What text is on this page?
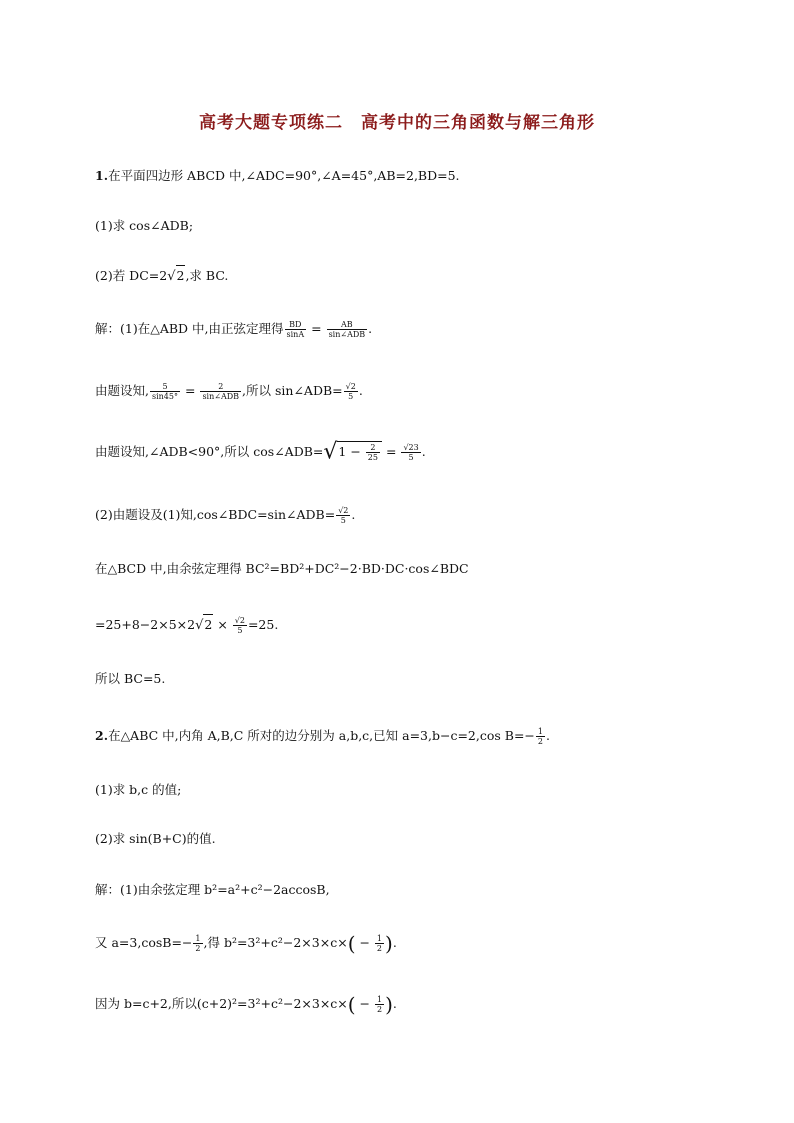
高考大题专项练二　高考中的三角函数与解三角形
1.在平面四边形 ABCD 中,∠ADC=90°,∠A=45°,AB=2,BD=5.
(1)求 cos∠ADB;
(2)若 DC=2√2,求 BC.
解：(1)在△ABD 中,由正弦定理得 $\frac{BD}{\sin A} = \frac{AB}{\text{sin∠ADB}}$ .
由题设知, $\frac{5}{\sin 45^\circ} = \frac{2}{\text{sin∠ADB}}$ ,所以 sin∠ADB= $\frac{√2}{5}$ .
由题设知,∠ADB<90°,所以 cos∠ADB=√1 − $\frac{2}{25} = \frac{√23}{5}$ .
(2)由题设及(1)知,cos∠BDC=sin∠ADB= $\frac{√2}{5}$ .
在△BCD 中,由余弦定理得 BC²=BD²+DC²−2·BD·DC·cos∠BDC
$=25+8-2\times 5\times 2√2 \times \frac{√2}{5} =25$.
所以 BC=5.
2.在△ABC 中,内角 A,B,C 所对的边分别为 a,b,c,已知 a=3,b−c=2,cos $B=- \frac{1}{2}$ .
(1)求 b,c 的值;
(2)求 sin(B+C)的值.
解：(1)由余弦定理 b²=a²+c²−2accosB,
又 $a=3,\cos B=- \frac{1}{2}$ ,得 $b^2=3^2+c^2-2\times 3\times c\times( - \frac{1}{2}$ ).
因为 b=c+2,所以$(c+2)^2=3^2+c^2-2\times 3\times c\times( - \frac{1}{2}$ ).
